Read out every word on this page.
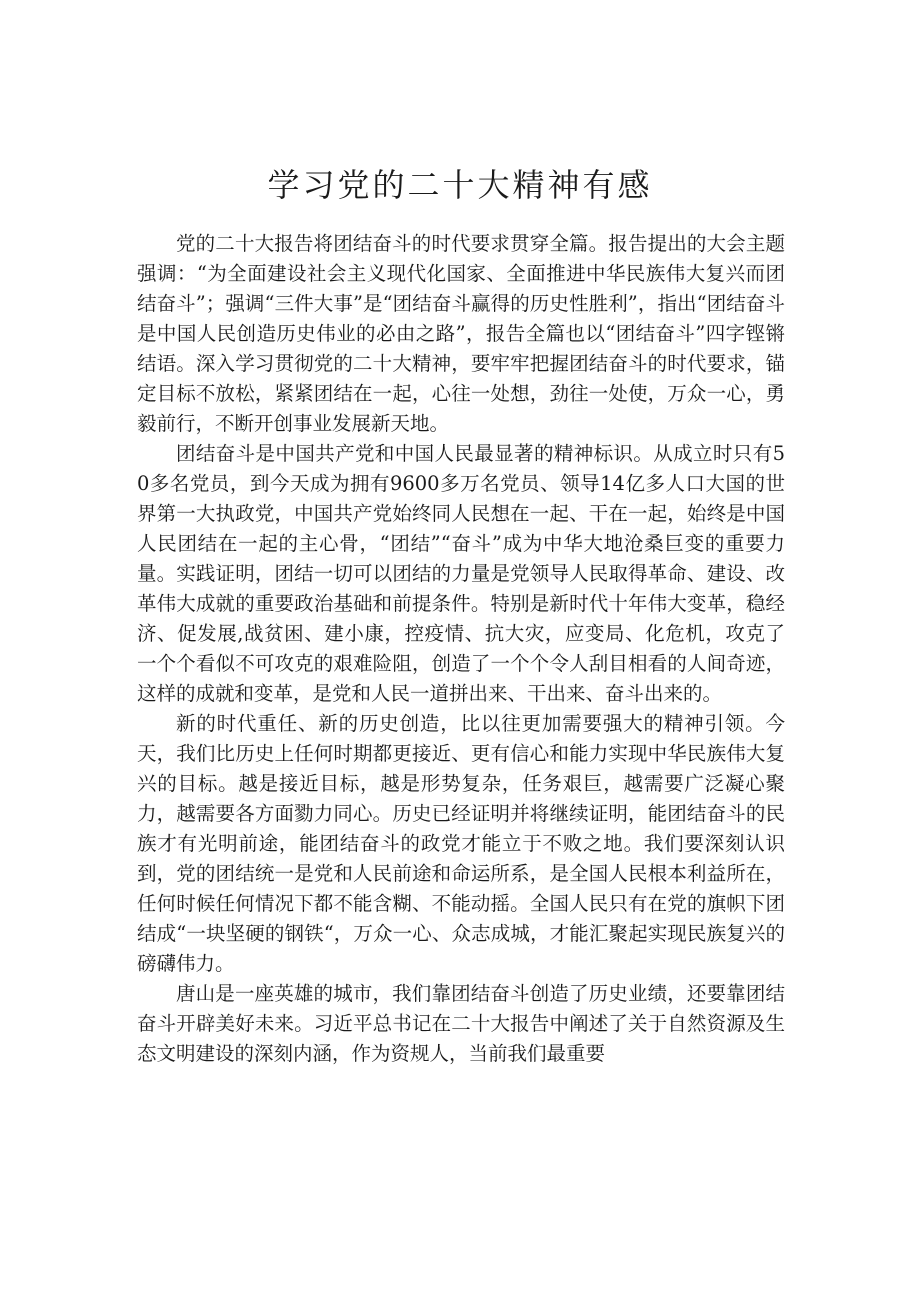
学习党的二十大精神有感

党的二十大报告将团结奋斗的时代要求贯穿全篇。报告提出的大会主题强调：“为全面建设社会主义现代化国家、全面推进中华民族伟大复兴而团结奋斗”；强调“三件大事”是“团结奋斗赢得的历史性胜利”，指出“团结奋斗是中国人民创造历史伟业的必由之路”，报告全篇也以“团结奋斗”四字铿锵结语。深入学习贯彻党的二十大精神，要牢牢把握团结奋斗的时代要求，锚定目标不放松，紧紧团结在一起，心往一处想，劲往一处使，万众一心，勇毅前行，不断开创事业发展新天地。

团结奋斗是中国共产党和中国人民最显著的精神标识。从成立时只有50多名党员，到今天成为拥有9600多万名党员、领导14亿多人口大国的世界第一大执政党，中国共产党始终同人民想在一起、干在一起，始终是中国人民团结在一起的主心骨，“团结”“奋斗”成为中华大地沧桑巨变的重要力量。实践证明，团结一切可以团结的力量是党领导人民取得革命、建设、改革伟大成就的重要政治基础和前提条件。特别是新时代十年伟大变革，稳经济、促发展,战贫困、建小康，控疫情、抗大灾，应变局、化危机，攻克了一个个看似不可攻克的艰难险阻，创造了一个个令人刮目相看的人间奇迹，这样的成就和变革，是党和人民一道拼出来、干出来、奋斗出来的。

新的时代重任、新的历史创造，比以往更加需要强大的精神引领。今天，我们比历史上任何时期都更接近、更有信心和能力实现中华民族伟大复兴的目标。越是接近目标，越是形势复杂，任务艰巨，越需要广泛凝心聚力，越需要各方面勠力同心。历史已经证明并将继续证明，能团结奋斗的民族才有光明前途，能团结奋斗的政党才能立于不败之地。我们要深刻认识到，党的团结统一是党和人民前途和命运所系，是全国人民根本利益所在，任何时候任何情况下都不能含糊、不能动摇。全国人民只有在党的旗帜下团结成“一块坚硬的钢铁“，万众一心、众志成城，才能汇聚起实现民族复兴的磅礴伟力。

唐山是一座英雄的城市，我们靠团结奋斗创造了历史业绩，还要靠团结奋斗开辟美好未来。习近平总书记在二十大报告中阐述了关于自然资源及生态文明建设的深刻内涵，作为资规人，当前我们最重要
